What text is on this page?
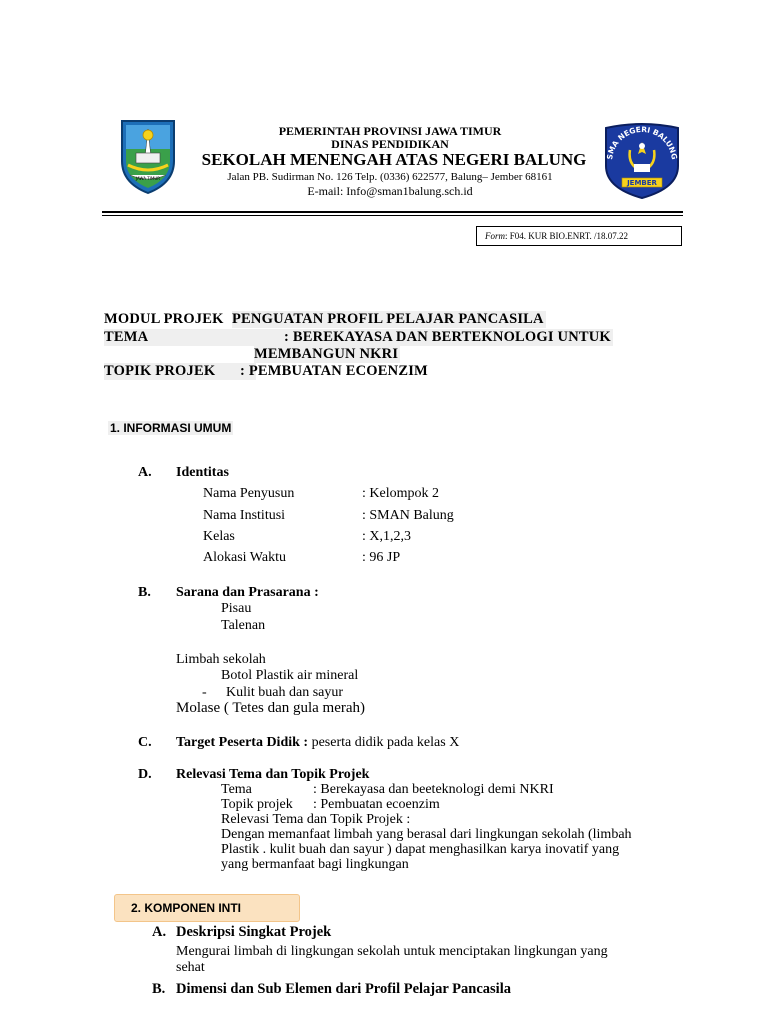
JAWA TIMUR
PEMERINTAH PROVINSI JAWA TIMUR
DINAS PENDIDIKAN
SEKOLAH MENENGAH ATAS NEGERI BALUNG
Jalan PB. Sudirman No. 126 Telp. (0336) 622577, Balung– Jember 68161
E-mail: Info@sman1balung.sch.id
SMA NEGERI BALUNG
JEMBER
Form: F04. KUR BIO.ENRT. /18.07.22
MODUL PROJEK PENGUATAN PROFIL PELAJAR PANCASILA
TEMA	: BEREKAYASA DAN BERTEKNOLOGI UNTUK
MEMBANGUN NKRI
TOPIK PROJEK	: PEMBUATAN ECOENZIM
1. INFORMASI UMUM
A. Identitas
Nama Penyusun	: Kelompok 2
Nama Institusi	: SMAN Balung
Kelas	: X,1,2,3
Alokasi Waktu	: 96 JP
B. Sarana dan Prasarana :
Pisau
Talenan
Limbah sekolah
Botol Plastik air mineral
- Kulit buah dan sayur
Molase ( Tetes dan gula merah)
C. Target Peserta Didik : peserta didik pada kelas X
D. Relevasi Tema dan Topik Projek
Tema	: Berekayasa dan beeteknologi demi NKRI
Topik projek : Pembuatan ecoenzim
Relevasi Tema dan Topik Projek :
Dengan memanfaat limbah yang berasal dari lingkungan sekolah (limbah
Plastik . kulit buah dan sayur ) dapat menghasilkan karya inovatif yang
yang bermanfaat bagi lingkungan
2. KOMPONEN INTI
A. Deskripsi Singkat Projek
Mengurai limbah di lingkungan sekolah untuk menciptakan lingkungan yang
sehat
B. Dimensi dan Sub Elemen dari Profil Pelajar Pancasila
